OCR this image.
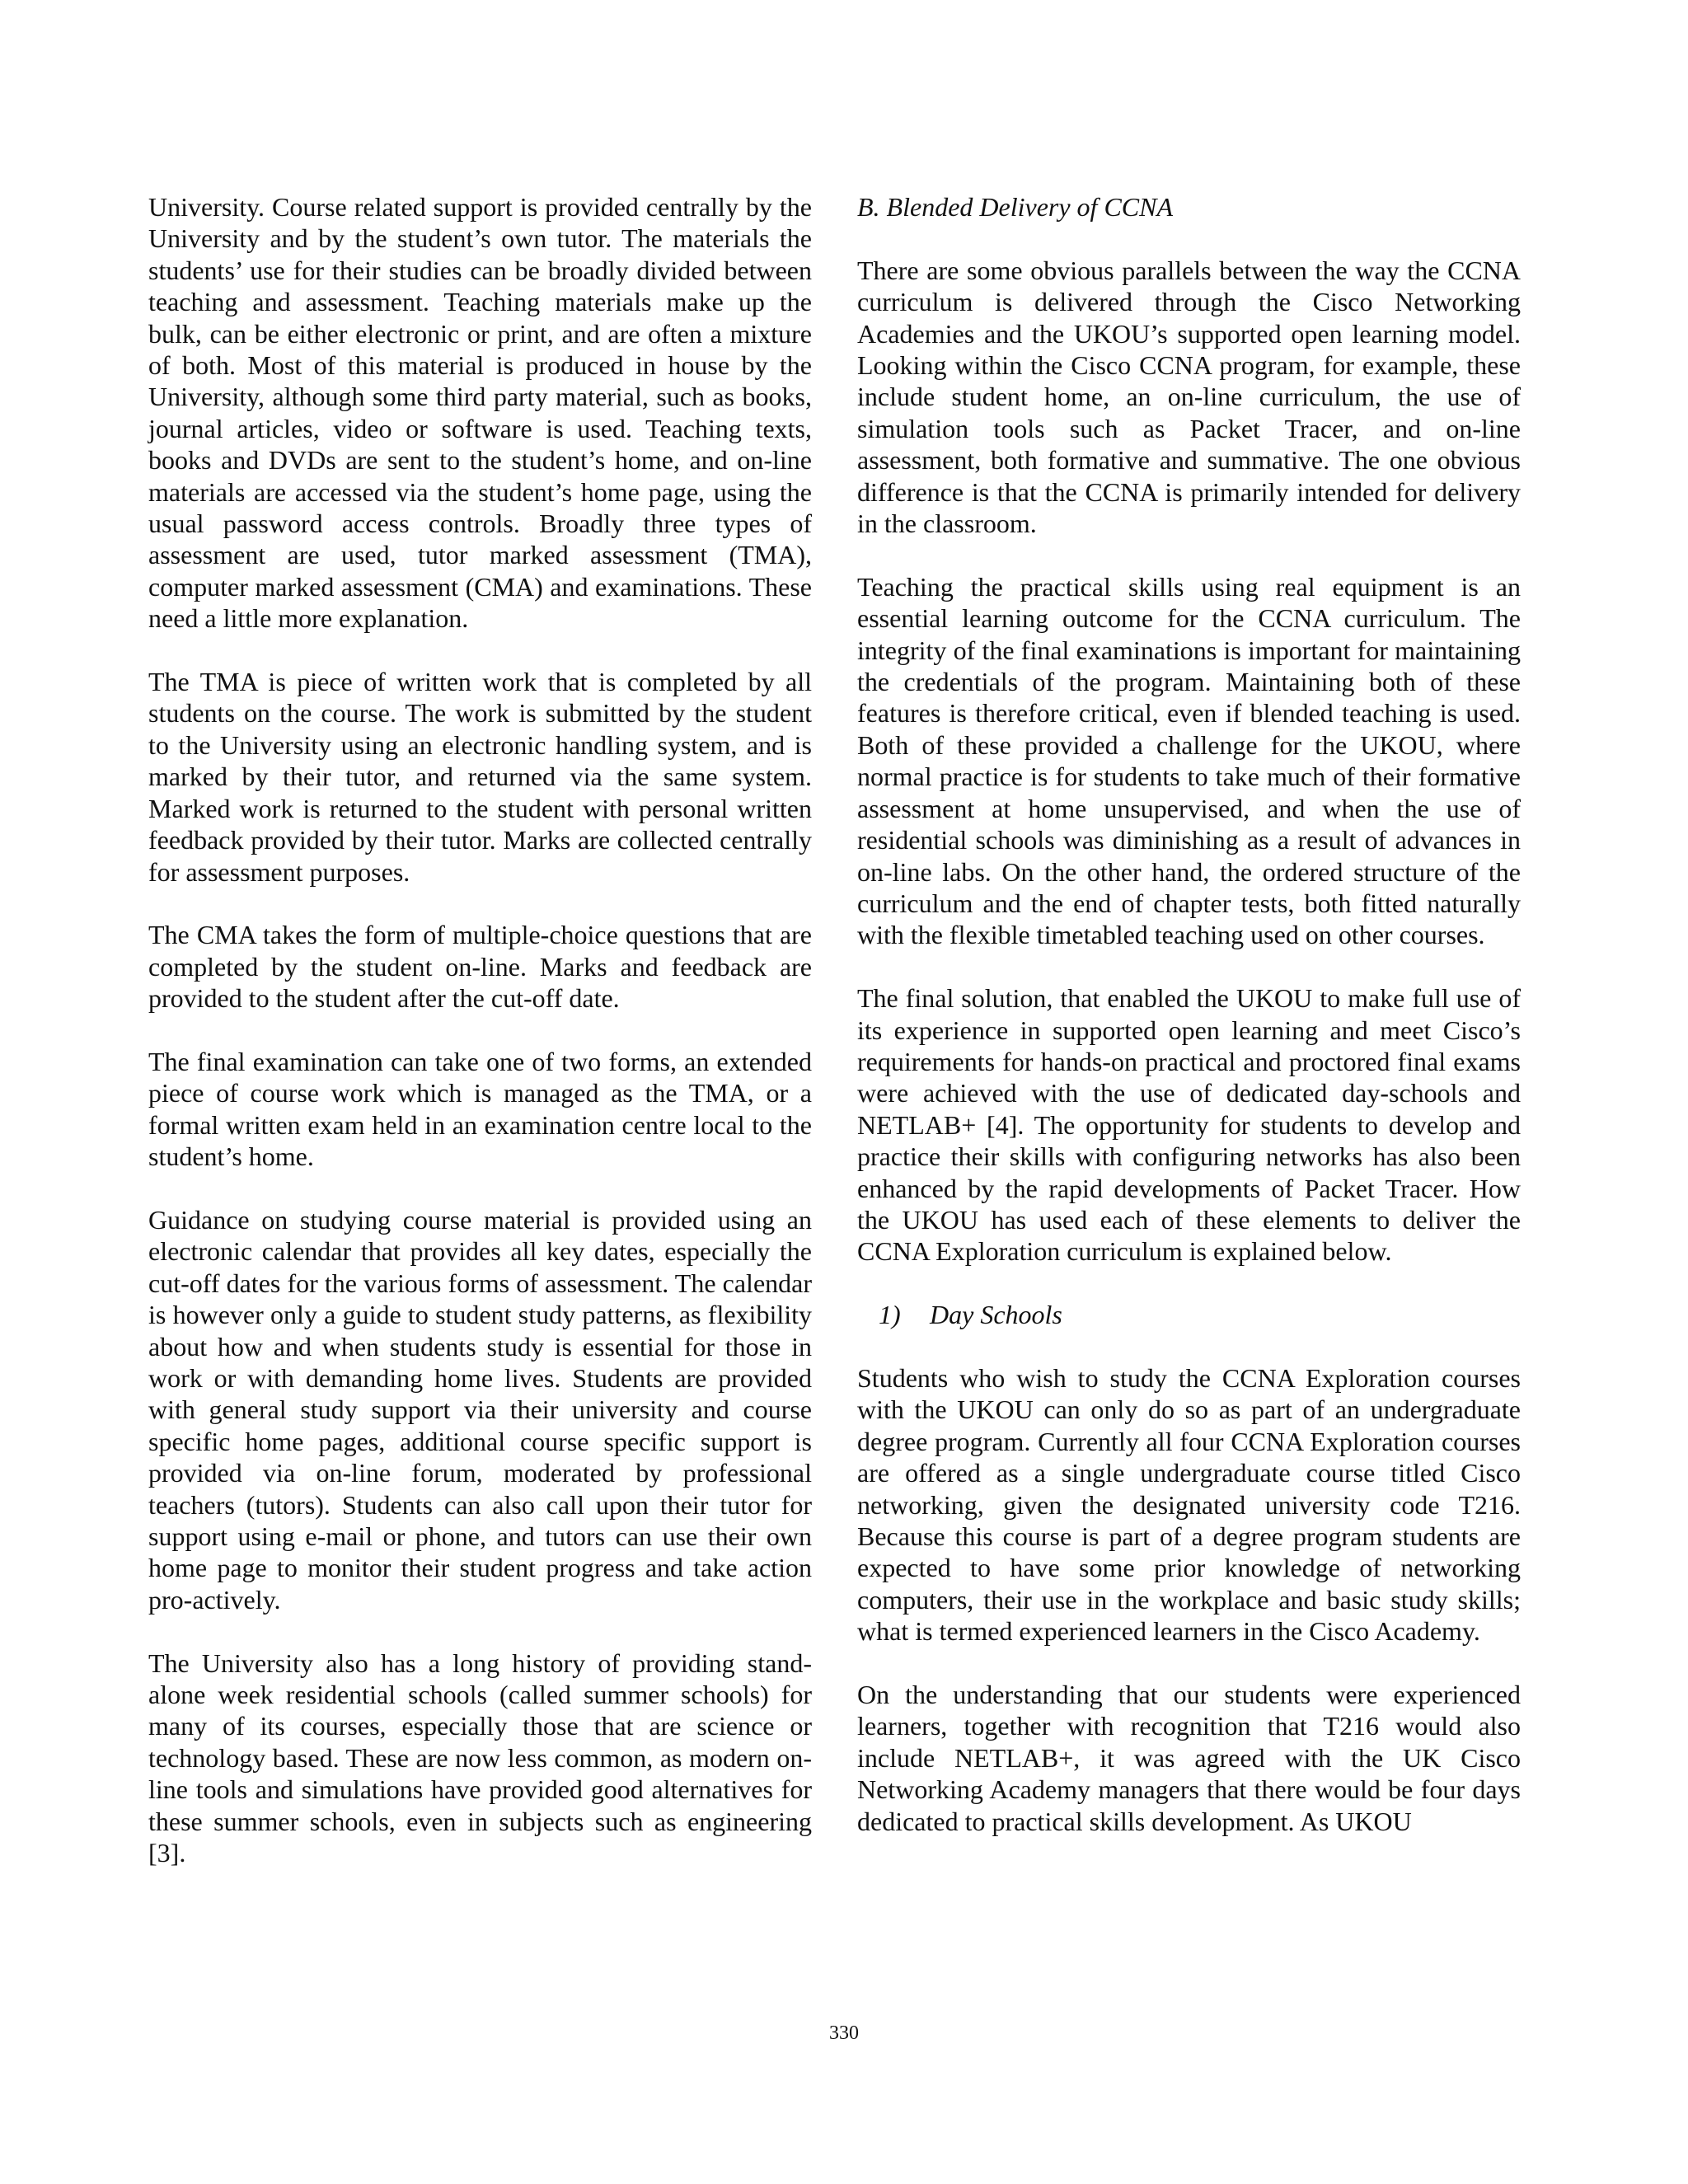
University. Course related support is provided centrally by the University and by the student’s own tutor. The materials the students’ use for their studies can be broadly divided between teaching and assessment. Teaching materials make up the bulk, can be either electronic or print, and are often a mixture of both. Most of this material is produced in house by the University, although some third party material, such as books, journal articles, video or software is used. Teaching texts, books and DVDs are sent to the student’s home, and on-line materials are accessed via the student’s home page, using the usual password access controls. Broadly three types of assessment are used, tutor marked assessment (TMA), computer marked assessment (CMA) and examinations. These need a little more explanation.

The TMA is piece of written work that is completed by all students on the course. The work is submitted by the student to the University using an electronic handling system, and is marked by their tutor, and returned via the same system. Marked work is returned to the student with personal written feedback provided by their tutor. Marks are collected centrally for assessment purposes.

The CMA takes the form of multiple-choice questions that are completed by the student on-line. Marks and feedback are provided to the student after the cut-off date.

The final examination can take one of two forms, an extended piece of course work which is managed as the TMA, or a formal written exam held in an examination centre local to the student’s home.

Guidance on studying course material is provided using an electronic calendar that provides all key dates, especially the cut-off dates for the various forms of assessment. The calendar is however only a guide to student study patterns, as flexibility about how and when students study is essential for those in work or with demanding home lives. Students are provided with general study support via their university and course specific home pages, additional course specific support is provided via on-line forum, moderated by professional teachers (tutors). Students can also call upon their tutor for support using e-mail or phone, and tutors can use their own home page to monitor their student progress and take action pro-actively.

The University also has a long history of providing stand-alone week residential schools (called summer schools) for many of its courses, especially those that are science or technology based. These are now less common, as modern on-line tools and simulations have provided good alternatives for these summer schools, even in subjects such as engineering [3].

B. Blended Delivery of CCNA

There are some obvious parallels between the way the CCNA curriculum is delivered through the Cisco Networking Academies and the UKOU’s supported open learning model. Looking within the Cisco CCNA program, for example, these include student home, an on-line curriculum, the use of simulation tools such as Packet Tracer, and on-line assessment, both formative and summative. The one obvious difference is that the CCNA is primarily intended for delivery in the classroom.

Teaching the practical skills using real equipment is an essential learning outcome for the CCNA curriculum. The integrity of the final examinations is important for maintaining the credentials of the program. Maintaining both of these features is therefore critical, even if blended teaching is used. Both of these provided a challenge for the UKOU, where normal practice is for students to take much of their formative assessment at home unsupervised, and when the use of residential schools was diminishing as a result of advances in on-line labs. On the other hand, the ordered structure of the curriculum and the end of chapter tests, both fitted naturally with the flexible timetabled teaching used on other courses.

The final solution, that enabled the UKOU to make full use of its experience in supported open learning and meet Cisco’s requirements for hands-on practical and proctored final exams were achieved with the use of dedicated day-schools and NETLAB+ [4]. The opportunity for students to develop and practice their skills with configuring networks has also been enhanced by the rapid developments of Packet Tracer. How the UKOU has used each of these elements to deliver the CCNA Exploration curriculum is explained below.

1) Day Schools

Students who wish to study the CCNA Exploration courses with the UKOU can only do so as part of an undergraduate degree program. Currently all four CCNA Exploration courses are offered as a single undergraduate course titled Cisco networking, given the designated university code T216. Because this course is part of a degree program students are expected to have some prior knowledge of networking computers, their use in the workplace and basic study skills; what is termed experienced learners in the Cisco Academy.

On the understanding that our students were experienced learners, together with recognition that T216 would also include NETLAB+, it was agreed with the UK Cisco Networking Academy managers that there would be four days dedicated to practical skills development. As UKOU

330
